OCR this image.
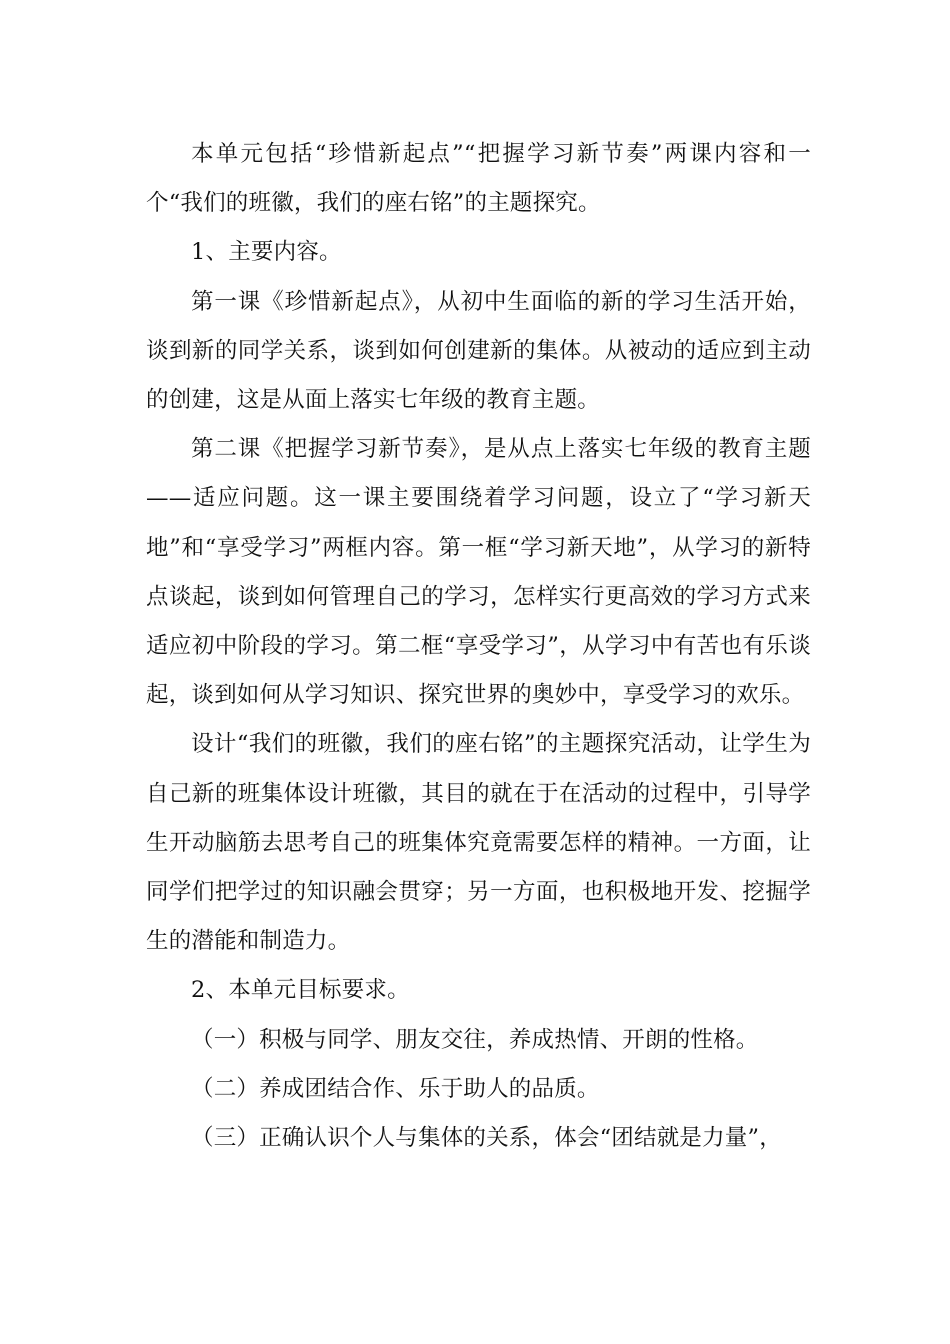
本单元包括“珍惜新起点”“把握学习新节奏”两课内容和一个“我们的班徽，我们的座右铭”的主题探究。

1、主要内容。

第一课《珍惜新起点》，从初中生面临的新的学习生活开始，谈到新的同学关系，谈到如何创建新的集体。从被动的适应到主动的创建，这是从面上落实七年级的教育主题。

第二课《把握学习新节奏》，是从点上落实七年级的教育主题——适应问题。这一课主要围绕着学习问题，设立了“学习新天地”和“享受学习”两框内容。第一框“学习新天地”，从学习的新特点谈起，谈到如何管理自己的学习，怎样实行更高效的学习方式来适应初中阶段的学习。第二框“享受学习”，从学习中有苦也有乐谈起，谈到如何从学习知识、探究世界的奥妙中，享受学习的欢乐。

设计“我们的班徽，我们的座右铭”的主题探究活动，让学生为自己新的班集体设计班徽，其目的就在于在活动的过程中，引导学生开动脑筋去思考自己的班集体究竟需要怎样的精神。一方面，让同学们把学过的知识融会贯穿；另一方面，也积极地开发、挖掘学生的潜能和制造力。

2、本单元目标要求。

（一）积极与同学、朋友交往，养成热情、开朗的性格。

（二）养成团结合作、乐于助人的品质。

（三）正确认识个人与集体的关系，体会“团结就是力量”，
